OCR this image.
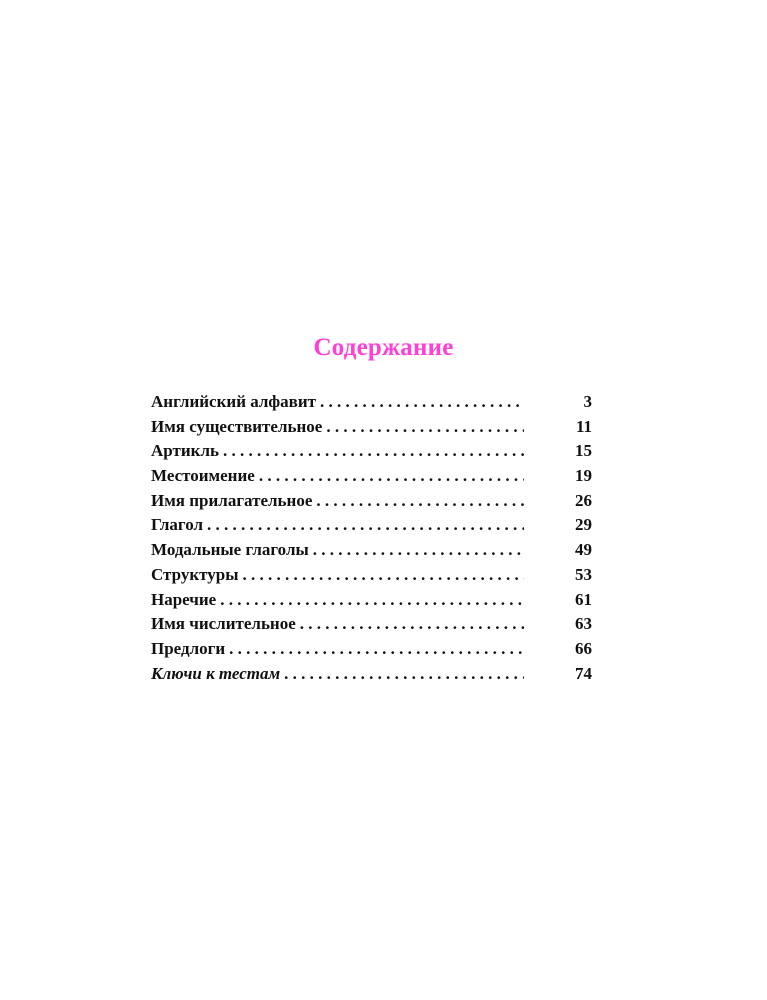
Содержание
Английский алфавит . . .	3
Имя существительное . . .	11
Артикль . . .	15
Местоимение . . .	19
Имя прилагательное . . .	26
Глагол . . .	29
Модальные глаголы . . .	49
Структуры . . .	53
Наречие . . .	61
Имя числительное . . .	63
Предлоги . . .	66
Ключи к тестам . . .	74
